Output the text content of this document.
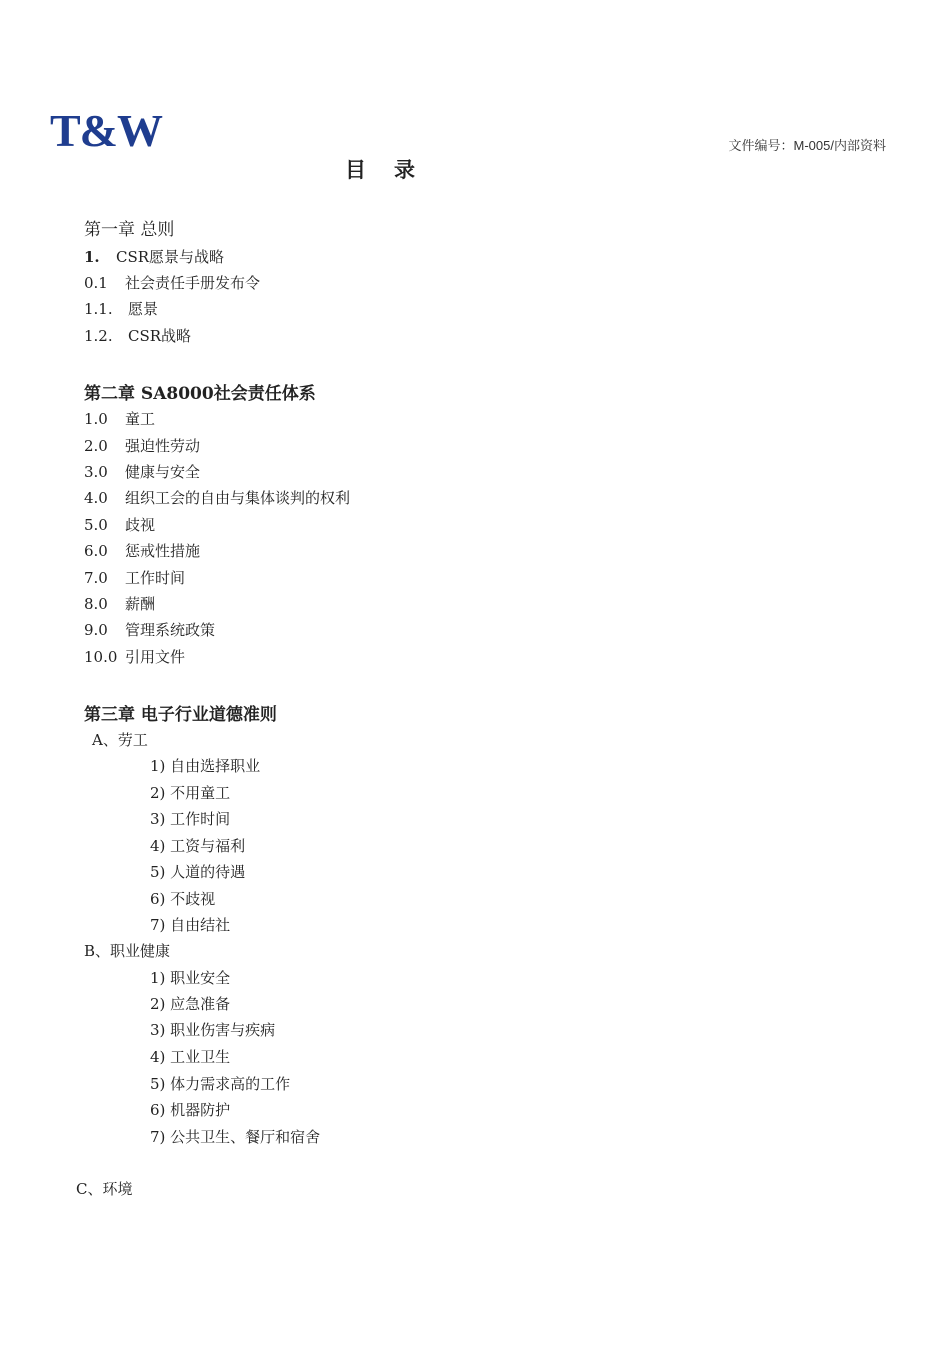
T&W	文件编号：M-005/内部资料
目录
第一章 总则
1. CSR愿景与战略
0.1 社会责任手册发布令
1.1. 愿景
1.2. CSR战略
第二章 SA8000社会责任体系
1.0 童工
2.0 强迫性劳动
3.0 健康与安全
4.0 组织工会的自由与集体谈判的权利
5.0 歧视
6.0 惩戒性措施
7.0 工作时间
8.0 薪酬
9.0 管理系统政策
10.0 引用文件
第三章 电子行业道德准则
A、劳工
1) 自由选择职业
2) 不用童工
3) 工作时间
4) 工资与福利
5) 人道的待遇
6) 不歧视
7) 自由结社
B、职业健康
1) 职业安全
2) 应急准备
3) 职业伤害与疾病
4) 工业卫生
5) 体力需求高的工作
6) 机器防护
7) 公共卫生、餐厅和宿舍
C、环境
